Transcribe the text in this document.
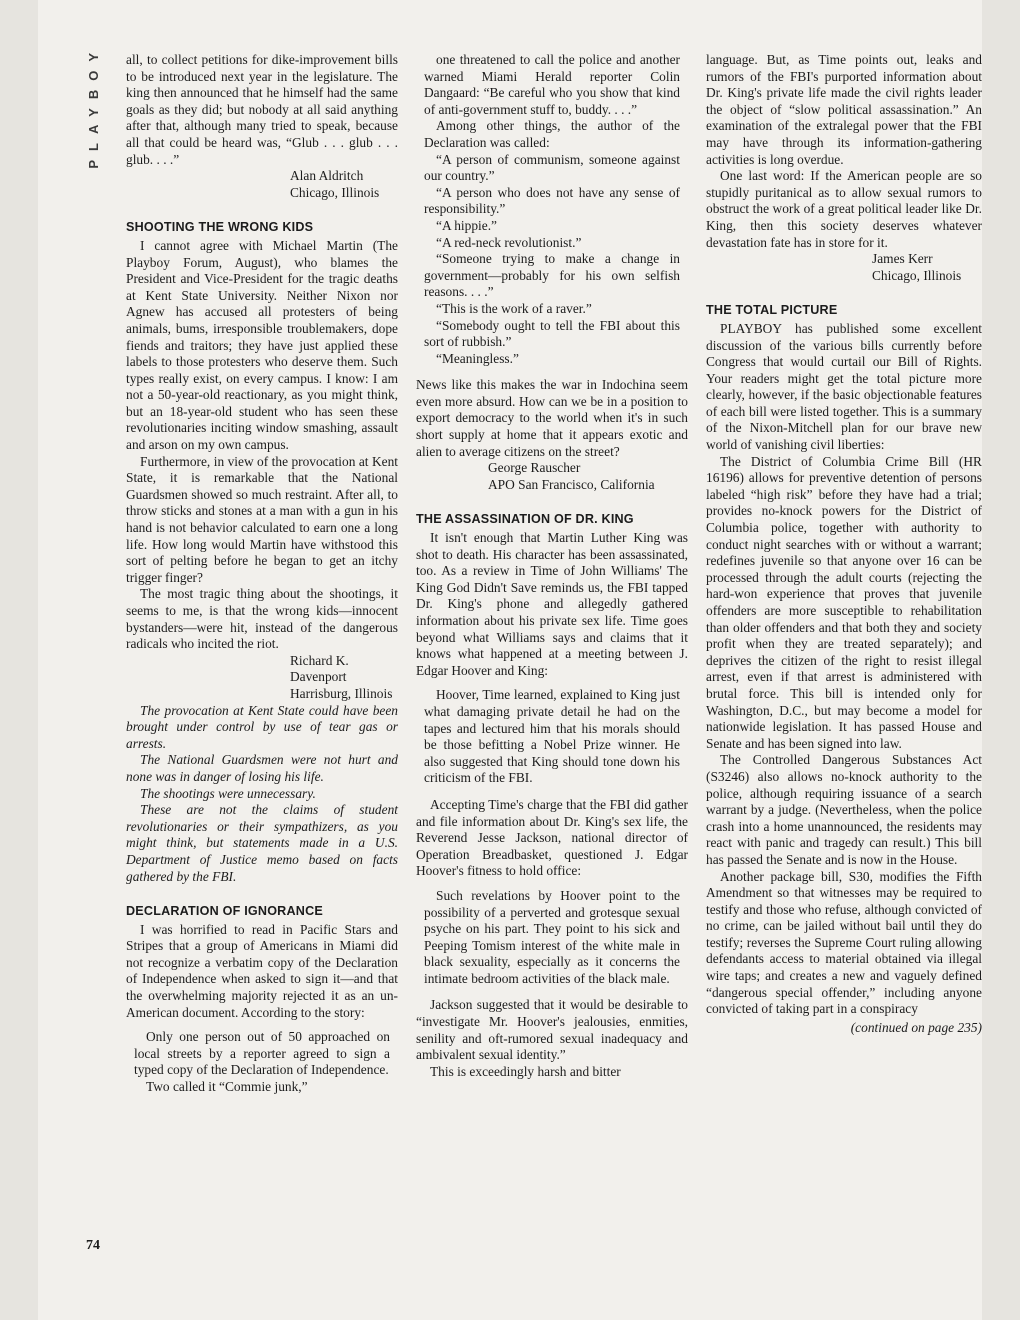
PLAYBOY
74

all, to collect petitions for dike-improvement bills to be introduced next year in the legislature. The king then announced that he himself had the same goals as they did; but nobody at all said anything after that, although many tried to speak, because all that could be heard was, “Glub . . . glub . . . glub. . . .”

Alan Aldritch

Chicago, Illinois

SHOOTING THE WRONG KIDS

I cannot agree with Michael Martin (The Playboy Forum, August), who blames the President and Vice-President for the tragic deaths at Kent State University. Neither Nixon nor Agnew has accused all protesters of being animals, bums, irresponsible troublemakers, dope fiends and traitors; they have just applied these labels to those protesters who deserve them. Such types really exist, on every campus. I know: I am not a 50-year-old reactionary, as you might think, but an 18-year-old student who has seen these revolutionaries inciting window smashing, assault and arson on my own campus.

Furthermore, in view of the provocation at Kent State, it is remarkable that the National Guardsmen showed so much restraint. After all, to throw sticks and stones at a man with a gun in his hand is not behavior calculated to earn one a long life. How long would Martin have withstood this sort of pelting before he began to get an itchy trigger finger?

The most tragic thing about the shootings, it seems to me, is that the wrong kids—innocent bystanders—were hit, instead of the dangerous radicals who incited the riot.

Richard K. Davenport

Harrisburg, Illinois

The provocation at Kent State could have been brought under control by use of tear gas or arrests.

The National Guardsmen were not hurt and none was in danger of losing his life.

The shootings were unnecessary.

These are not the claims of student revolutionaries or their sympathizers, as you might think, but statements made in a U.S. Department of Justice memo based on facts gathered by the FBI.

DECLARATION OF IGNORANCE

I was horrified to read in Pacific Stars and Stripes that a group of Americans in Miami did not recognize a verbatim copy of the Declaration of Independence when asked to sign it—and that the overwhelming majority rejected it as an un-American document. According to the story:

Only one person out of 50 approached on local streets by a reporter agreed to sign a typed copy of the Declaration of Independence.

Two called it “Commie junk,”

one threatened to call the police and another warned Miami Herald reporter Colin Dangaard: “Be careful who you show that kind of anti-government stuff to, buddy. . . .”

Among other things, the author of the Declaration was called:

“A person of communism, someone against our country.”

“A person who does not have any sense of responsibility.”

“A hippie.”

“A red-neck revolutionist.”

“Someone trying to make a change in government—probably for his own selfish reasons. . . .”

“This is the work of a raver.”

“Somebody ought to tell the FBI about this sort of rubbish.”

“Meaningless.”

News like this makes the war in Indochina seem even more absurd. How can we be in a position to export democracy to the world when it's in such short supply at home that it appears exotic and alien to average citizens on the street?

George Rauscher

APO San Francisco, California

THE ASSASSINATION OF DR. KING

It isn't enough that Martin Luther King was shot to death. His character has been assassinated, too. As a review in Time of John Williams' The King God Didn't Save reminds us, the FBI tapped Dr. King's phone and allegedly gathered information about his private sex life. Time goes beyond what Williams says and claims that it knows what happened at a meeting between J. Edgar Hoover and King:

Hoover, Time learned, explained to King just what damaging private detail he had on the tapes and lectured him that his morals should be those befitting a Nobel Prize winner. He also suggested that King should tone down his criticism of the FBI.

Accepting Time's charge that the FBI did gather and file information about Dr. King's sex life, the Reverend Jesse Jackson, national director of Operation Breadbasket, questioned J. Edgar Hoover's fitness to hold office:

Such revelations by Hoover point to the possibility of a perverted and grotesque sexual psyche on his part. They point to his sick and Peeping Tomism interest of the white male in black sexuality, especially as it concerns the intimate bedroom activities of the black male.

Jackson suggested that it would be desirable to “investigate Mr. Hoover's jealousies, enmities, senility and oft-rumored sexual inadequacy and ambivalent sexual identity.”

This is exceedingly harsh and bitter

language. But, as Time points out, leaks and rumors of the FBI's purported information about Dr. King's private life made the civil rights leader the object of “slow political assassination.” An examination of the extralegal power that the FBI may have through its information-gathering activities is long overdue.

One last word: If the American people are so stupidly puritanical as to allow sexual rumors to obstruct the work of a great political leader like Dr. King, then this society deserves whatever devastation fate has in store for it.

James Kerr

Chicago, Illinois

THE TOTAL PICTURE

PLAYBOY has published some excellent discussion of the various bills currently before Congress that would curtail our Bill of Rights. Your readers might get the total picture more clearly, however, if the basic objectionable features of each bill were listed together. This is a summary of the Nixon-Mitchell plan for our brave new world of vanishing civil liberties:

The District of Columbia Crime Bill (HR 16196) allows for preventive detention of persons labeled “high risk” before they have had a trial; provides no-knock powers for the District of Columbia police, together with authority to conduct night searches with or without a warrant; redefines juvenile so that anyone over 16 can be processed through the adult courts (rejecting the hard-won experience that proves that juvenile offenders are more susceptible to rehabilitation than older offenders and that both they and society profit when they are treated separately); and deprives the citizen of the right to resist illegal arrest, even if that arrest is administered with brutal force. This bill is intended only for Washington, D.C., but may become a model for nationwide legislation. It has passed House and Senate and has been signed into law.

The Controlled Dangerous Substances Act (S3246) also allows no-knock authority to the police, although requiring issuance of a search warrant by a judge. (Nevertheless, when the police crash into a home unannounced, the residents may react with panic and tragedy can result.) This bill has passed the Senate and is now in the House.

Another package bill, S30, modifies the Fifth Amendment so that witnesses may be required to testify and those who refuse, although convicted of no crime, can be jailed without bail until they do testify; reverses the Supreme Court ruling allowing defendants access to material obtained via illegal wire taps; and creates a new and vaguely defined “dangerous special offender,” including anyone convicted of taking part in a conspiracy

(continued on page 235)
